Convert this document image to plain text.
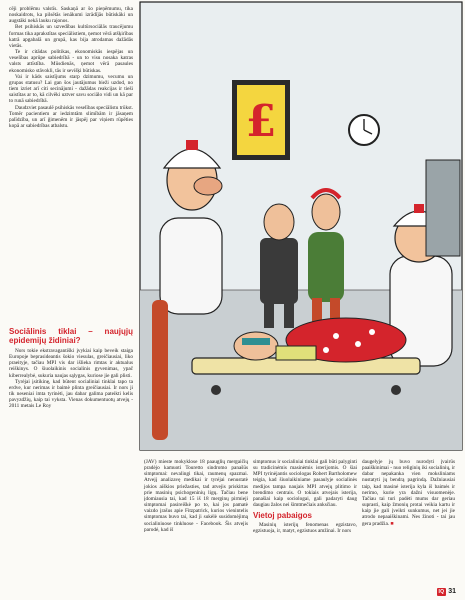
cēji problēmu valstīs. Saskaņā ar šo pieņēmumu, tika noskaidrots, ka pilsētās ienākumi izrādījās būtiskāki un augstāki nekā lauku rajonos.

Bet psihiskās un uzvedības kultūrsociālās traucējumu formas tika aprakstītas speciālistiem, ņemot vērā atšķirības katrā apgabalā un grupā, kas bija atrodamas dažādās vietās.

Te ir citādas politikas, ekonomiskās iespējas un veselības aprūpe sabiedrībā - un to visu nosaka katras valsts attīstība. Mūsdienās, ņemot vērā pasaules ekonomisko stāvokli, tās ir sevišķi būtiskas.

Vai ir kāds saistījums starp dzimumu, vecumu un grupas statusu? Lai gan šos jautājumus bieži uzdod, no tiem izriet arī citi secinājumi - dažādas reakcijas ir tieši saistītas ar to, kā cilvēki uztver savu sociālo vidi un kā par to runā sabiedrībā.

Daudzviet pasaulē psihiskās veselības speciālistu trūkst. Tomēr pacientiem ar iedzimtām slimībām ir jāsaņem palīdzība, un arī ģimenēm ir jāspēj par viņiem rūpēties kopā ar sabiedrības atbalstu.

Sociālinis tiklai – naujųjų epidemijų židiniai?

Nors tokie ekstravagantiški įvykiai kaip beveik staiga Europoje beprasideantis šokio viesulas, greičiausiai, liko praeityje, tačiau MPI vis dar išlieka rimtas ir aktualus reiškinys. O šiuolaikinis socialinis gyvenimas, ypač kiberrealybė, sukuria naujas sąlygas, kuriose jie gali plisti.

Tyrėjai įsitikinę, kad būtent socialiniai tinklai tapo ta erdve, kur nerimas ir baimė plinta greičiausiai. Ir nors ji tik neseniai imta tyrinėti, jau dabar galima pateikti kelis pavyzdžių, kaip tai vyksta. Vienas dokumentuotų atvejų - 2011 metais Le Roy

£

(JAV) mieste mokyklose 18 paauglių mergaičių pradėjo kamuoti Touretto sindromo panašūs simptomai: nevalingi tikai, raumenų spazmai. Atvejį analizavę medikai ir tyrėjai nenustatė jokios aiškios priežasties, tad atvejis priskirtas prie masinių psichogeninių ligų. Tačiau bene įdomiausia tai, kad 15 iš 18 merginų pirmieji simptomai pasireiškė po to, kai jos pamatė vaizdo įrašus apie Fitzpatrick, kurios vienintelis simptomas buvo tai, kad ji sukėlė susidomėjimą socialiniuose tinkluose - Facebook. Šis atvejis parodė, kad iš

simptomus ir socialiniai tinklai gali būti palyginti su tradicinėmis masinėmis isterijomis. O šiai MPI tyrinėjantis sociologas Robert Bartholomew teigia, kad šiuolaikiniame pasaulyje socialinės medijos tampa naujais MPI atvejų plitimo ir brendimo centrais. O tokiais atvejais isterija, panašiai kaip sociologai, gali padaryti daug daugiau žalos nei šimtmečiais anksčiau.

Vietoj pabaigos

Masinių isterijų fenomenas egzistavo, egzistuoja, ir, matyt, egzistuos amžinai. Ir nors

daugelyje jų buvo nurodyti įvairūs paaiškinimai - nuo religinių iki socialinių, ir dabar nepakanka vien moksliniams nustatyti jų bendrą pagrindą. Dažniausiai taip, kad masinė isterija kyla iš baimės ir nerimo, kurie yra dažni visuomenėje. Tačiau tai turi padėti mums dar geriau suprasti, kaip žmonių protai veikia kartu ir kaip jie gali įveikti sunkumus, net jei jie atrodo nepaaiškinami. Nes žinoti - tai jau gera pradžia. ■

IQ 31
